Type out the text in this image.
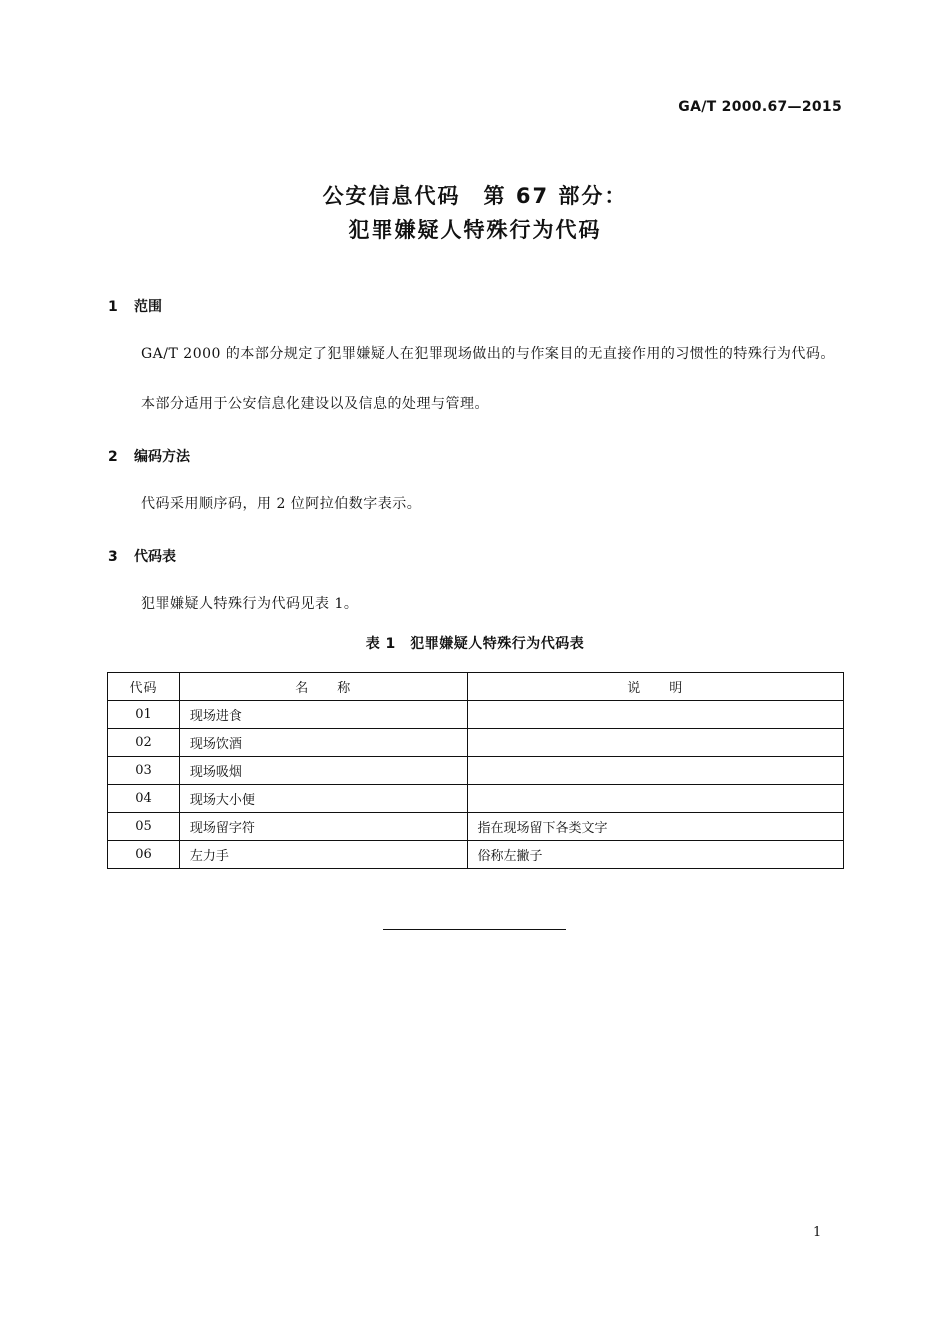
GA/T 2000.67—2015
公安信息代码　第 67 部分：
犯罪嫌疑人特殊行为代码
1 范围
GA/T 2000 的本部分规定了犯罪嫌疑人在犯罪现场做出的与作案目的无直接作用的习惯性的特殊行为代码。
本部分适用于公安信息化建设以及信息的处理与管理。
2 编码方法
代码采用顺序码，用 2 位阿拉伯数字表示。
3 代码表
犯罪嫌疑人特殊行为代码见表 1。
表 1　犯罪嫌疑人特殊行为代码表
代码	名　　称	说　　明
01	现场进食	
02	现场饮酒	
03	现场吸烟	
04	现场大小便	
05	现场留字符	指在现场留下各类文字
06	左力手	俗称左撇子
1
